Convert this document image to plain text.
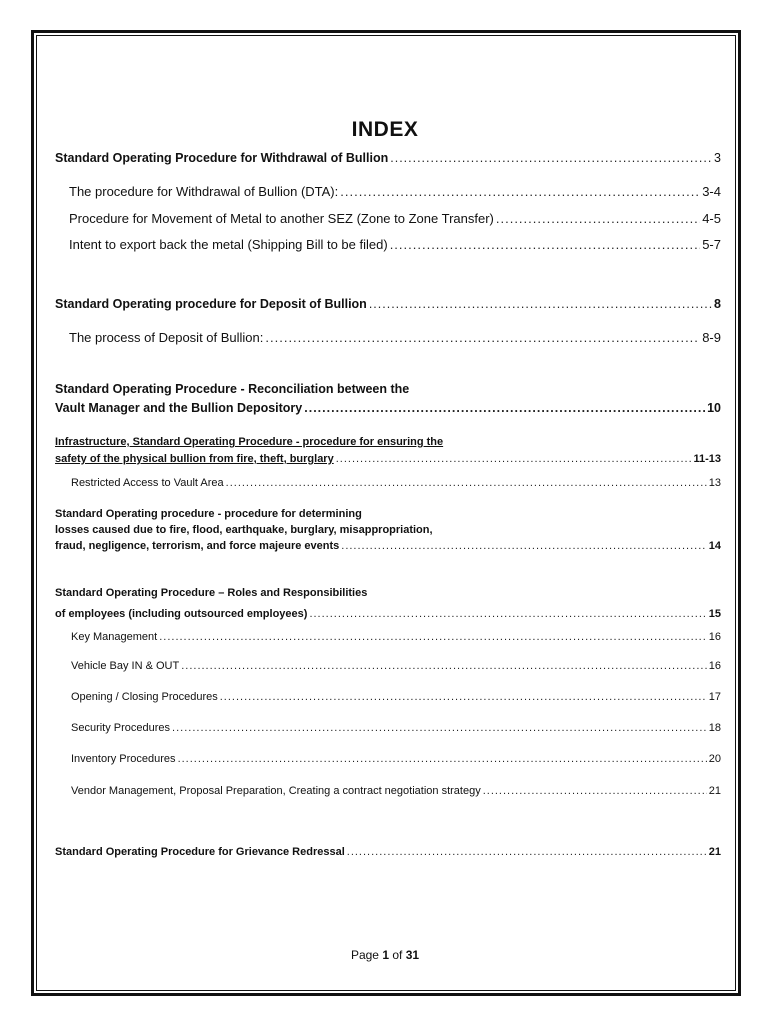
INDEX
Standard Operating Procedure for Withdrawal of Bullion .....	3
The procedure for Withdrawal of Bullion (DTA): .....	3-4
Procedure for Movement of Metal to another SEZ (Zone to Zone Transfer) .....	4-5
Intent to export back the metal (Shipping Bill to be filed) .....	5-7
Standard Operating procedure for Deposit of Bullion .....	8
The process of Deposit of Bullion: .....	8-9
Standard Operating Procedure - Reconciliation between the
Vault Manager and the Bullion Depository .....	10
Infrastructure, Standard Operating Procedure - procedure for ensuring the
safety of the physical bullion from fire, theft, burglary .....	11-13
Restricted Access to Vault Area .....	13
Standard Operating procedure - procedure for determining
losses caused due to fire, flood, earthquake, burglary, misappropriation,
fraud, negligence, terrorism, and force majeure events .....	14
Standard Operating Procedure – Roles and Responsibilities
of employees (including outsourced employees) .....	15
Key Management .....	16
Vehicle Bay IN & OUT .....	16
Opening / Closing Procedures .....	17
Security Procedures .....	18
Inventory Procedures .....	20
Vendor Management, Proposal Preparation, Creating a contract negotiation strategy .....	21
Standard Operating Procedure for Grievance Redressal .....	21
Page 1 of 31
